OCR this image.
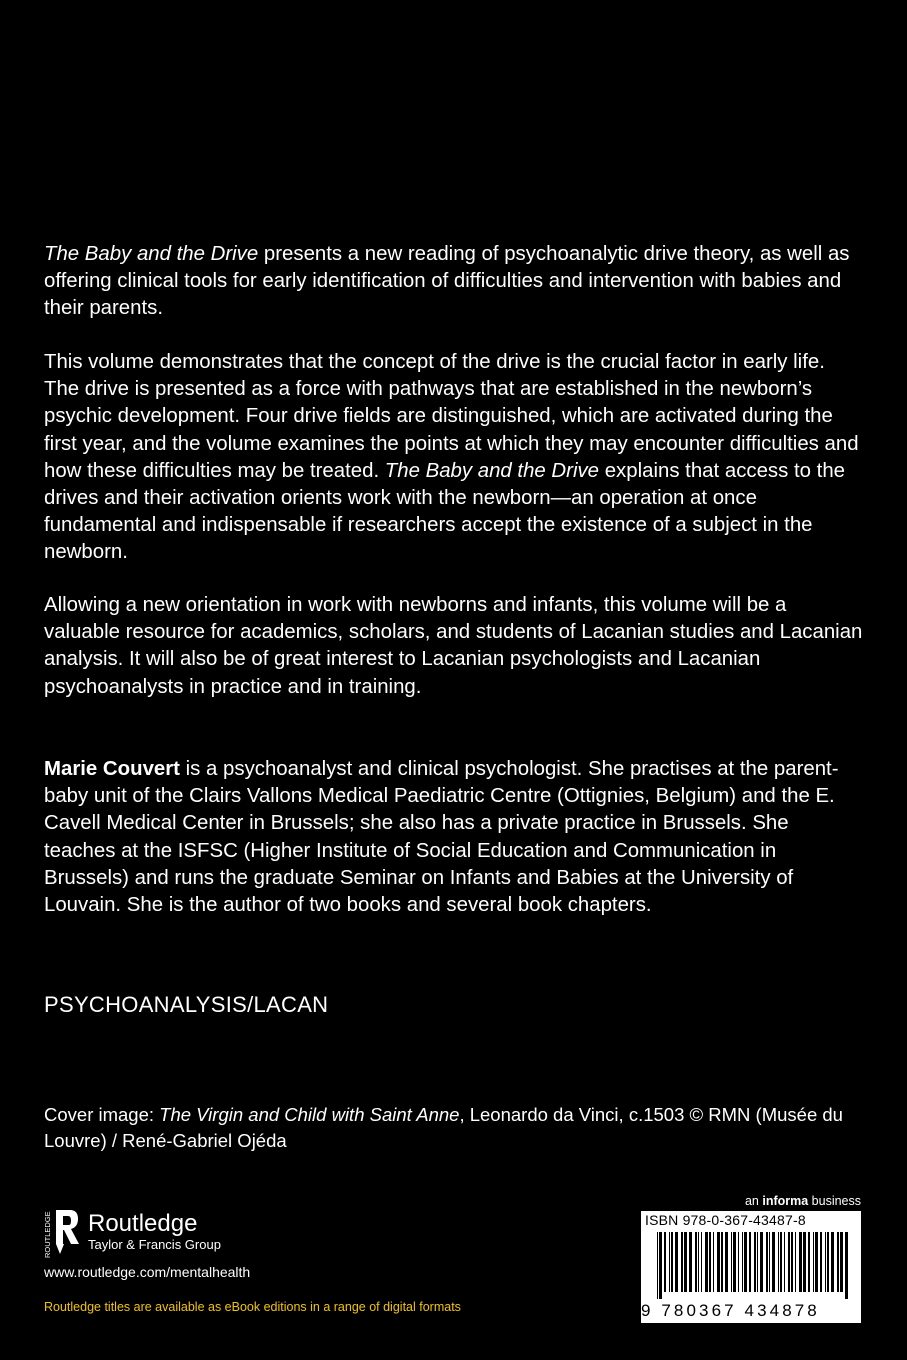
The Baby and the Drive presents a new reading of psychoanalytic drive theory, as well as offering clinical tools for early identification of difficulties and intervention with babies and their parents.

This volume demonstrates that the concept of the drive is the crucial factor in early life. The drive is presented as a force with pathways that are established in the newborn’s psychic development. Four drive fields are distinguished, which are activated during the first year, and the volume examines the points at which they may encounter difficulties and how these difficulties may be treated. The Baby and the Drive explains that access to the drives and their activation orients work with the newborn—an operation at once fundamental and indispensable if researchers accept the existence of a subject in the newborn.

Allowing a new orientation in work with newborns and infants, this volume will be a valuable resource for academics, scholars, and students of Lacanian studies and Lacanian analysis. It will also be of great interest to Lacanian psychologists and Lacanian psychoanalysts in practice and in training.

Marie Couvert is a psychoanalyst and clinical psychologist. She practises at the parent-baby unit of the Clairs Vallons Medical Paediatric Centre (Ottignies, Belgium) and the E. Cavell Medical Center in Brussels; she also has a private practice in Brussels. She teaches at the ISFSC (Higher Institute of Social Education and Communication in Brussels) and runs the graduate Seminar on Infants and Babies at the University of Louvain. She is the author of two books and several book chapters.

PSYCHOANALYSIS/LACAN
Cover image: The Virgin and Child with Saint Anne, Leonardo da Vinci, c.1503 © RMN (Musée du Louvre) / René-Gabriel Ojéda
ROUTLEDGE Routledge
Taylor & Francis Group
www.routledge.com/mentalhealth
Routledge titles are available as eBook editions in a range of digital formats
an informa business
ISBN 978-0-367-43487-8
9 780367 434878
